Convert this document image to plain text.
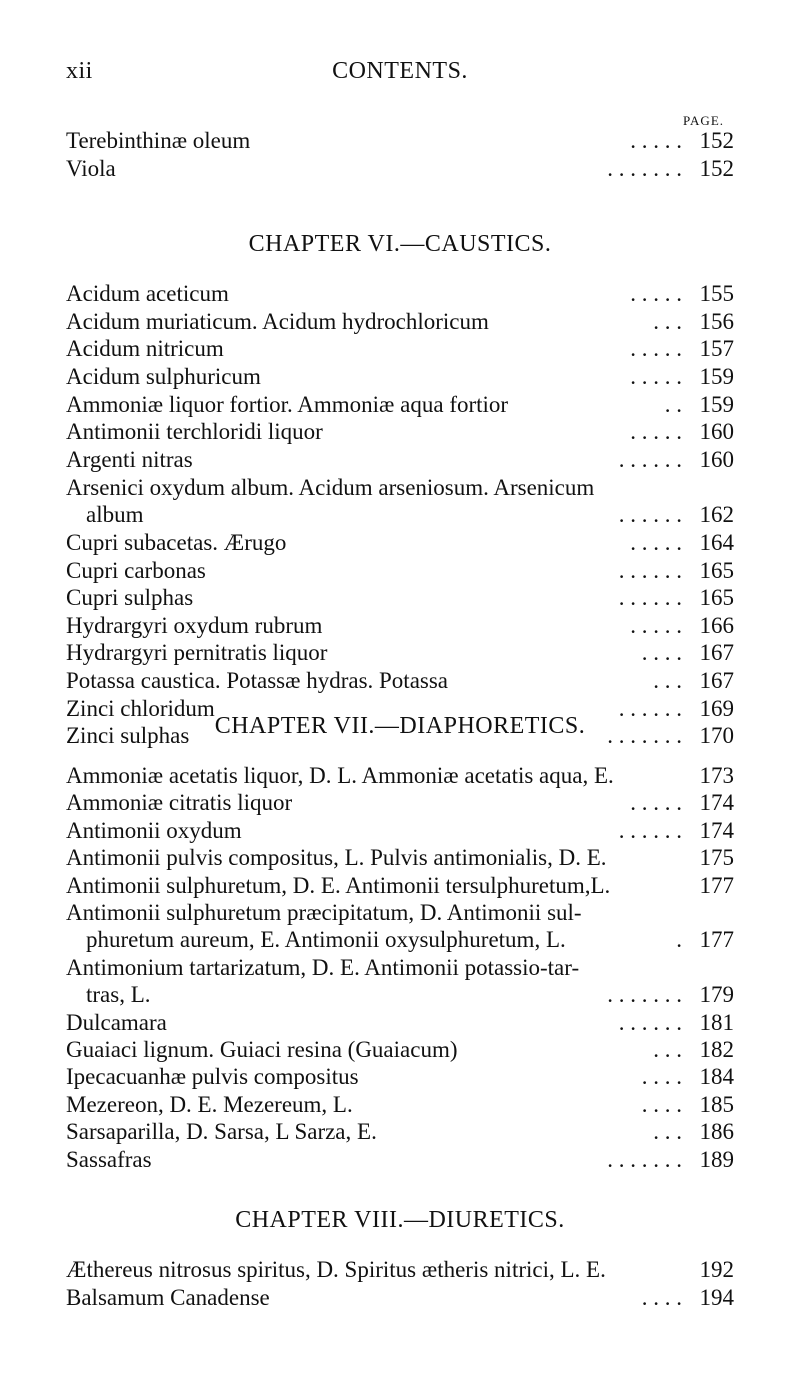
xii	CONTENTS.
PAGE.
Terebinthinæ oleum	. . . . . 152
Viola	. . . . . . . 152
CHAPTER VI.—CAUSTICS.
Acidum aceticum	. . . . . 155
Acidum muriaticum. Acidum hydrochloricum	. . . 156
Acidum nitricum	. . . . . 157
Acidum sulphuricum	. . . . . 159
Ammoniæ liquor fortior. Ammoniæ aqua fortior	. . 159
Antimonii terchloridi liquor	. . . . . 160
Argenti nitras	. . . . . . 160
Arsenici oxydum album. Acidum arseniosum. Arsenicum
album	. . . . . . 162
Cupri subacetas. Ærugo	. . . . . 164
Cupri carbonas	. . . . . . 165
Cupri sulphas	. . . . . . 165
Hydrargyri oxydum rubrum	. . . . . 166
Hydrargyri pernitratis liquor	. . . . 167
Potassa caustica. Potassæ hydras. Potassa	. . . 167
Zinci chloridum	. . . . . . 169
Zinci sulphas	. . . . . . . 170
CHAPTER VII.—DIAPHORETICS.
Ammoniæ acetatis liquor, D. L. Ammoniæ acetatis aqua, E.	173
Ammoniæ citratis liquor	. . . . . 174
Antimonii oxydum	. . . . . . 174
Antimonii pulvis compositus, L. Pulvis antimonialis, D. E.	175
Antimonii sulphuretum, D. E. Antimonii tersulphuretum,L.	177
Antimonii sulphuretum præcipitatum, D. Antimonii sul-
phuretum aureum, E. Antimonii oxysulphuretum, L.	. 177
Antimonium tartarizatum, D. E. Antimonii potassio-tar-
tras, L.	. . . . . . . 179
Dulcamara	. . . . . . 181
Guaiaci lignum. Guiaci resina (Guaiacum)	. . . 182
Ipecacuanhæ pulvis compositus	. . . . 184
Mezereon, D. E. Mezereum, L.	. . . . 185
Sarsaparilla, D. Sarsa, L Sarza, E.	. . . 186
Sassafras	. . . . . . . 189
CHAPTER VIII.—DIURETICS.
Æthereus nitrosus spiritus, D. Spiritus ætheris nitrici, L. E.	192
Balsamum Canadense	. . . . 194
